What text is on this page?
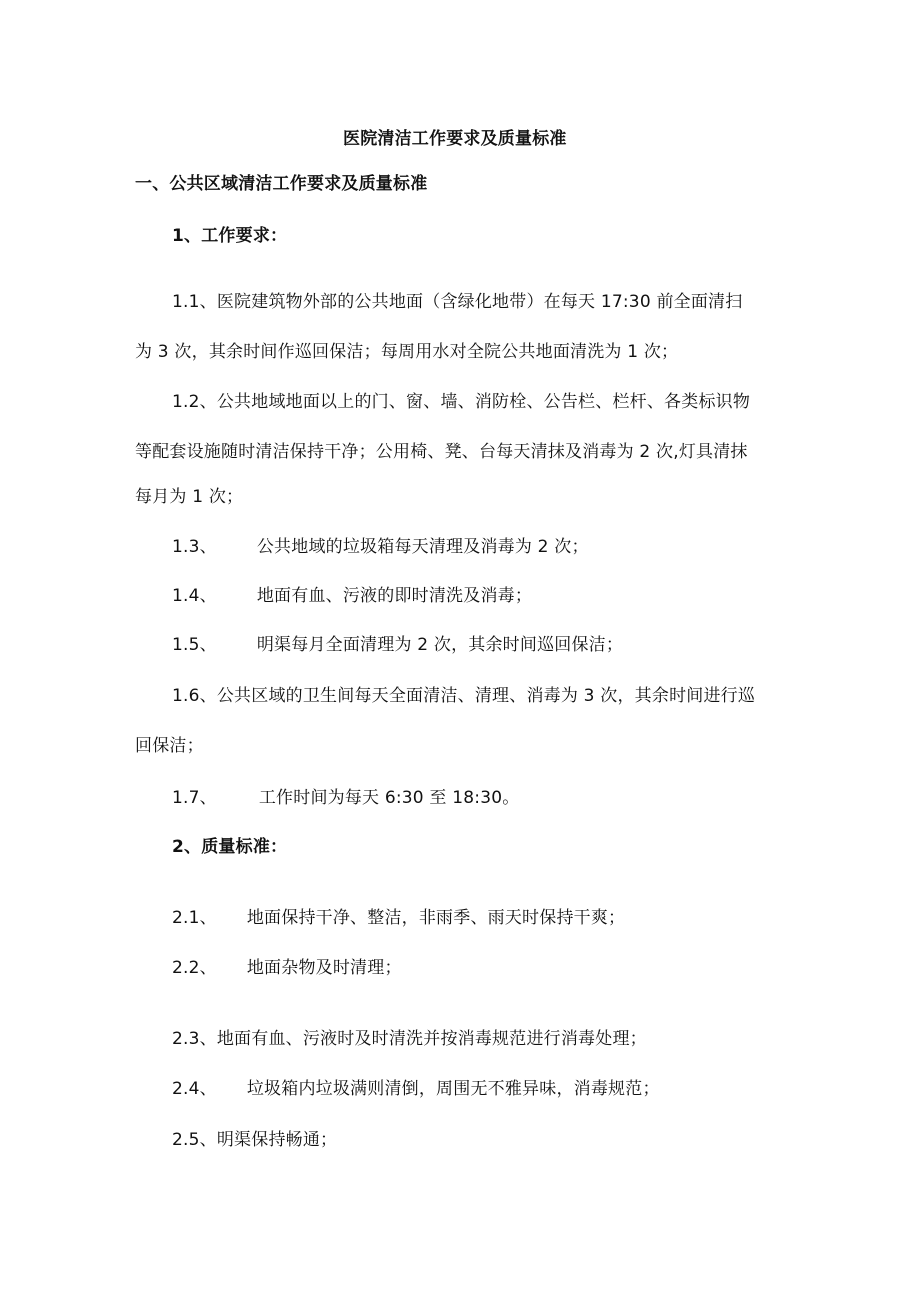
医院清洁工作要求及质量标准
一、公共区域清洁工作要求及质量标准
1、工作要求：
1.1、医院建筑物外部的公共地面（含绿化地带）在每天 17:30 前全面清扫
为 3 次，其余时间作巡回保洁；每周用水对全院公共地面清洗为 1 次；
1.2、公共地域地面以上的门、窗、墙、消防栓、公告栏、栏杆、各类标识物
等配套设施随时清洁保持干净；公用椅、凳、台每天清抹及消毒为 2 次,灯具清抹
每月为 1 次；
1.3、 公共地域的垃圾箱每天清理及消毒为 2 次；
1.4、 地面有血、污液的即时清洗及消毒；
1.5、 明渠每月全面清理为 2 次，其余时间巡回保洁；
1.6、公共区域的卫生间每天全面清洁、清理、消毒为 3 次，其余时间进行巡
回保洁；
1.7、 工作时间为每天 6:30 至 18:30。
2、质量标准：
2.1、 地面保持干净、整洁，非雨季、雨天时保持干爽；
2.2、 地面杂物及时清理；
2.3、地面有血、污液时及时清洗并按消毒规范进行消毒处理；
2.4、 垃圾箱内垃圾满则清倒，周围无不雅异味，消毒规范；
2.5、明渠保持畅通；
